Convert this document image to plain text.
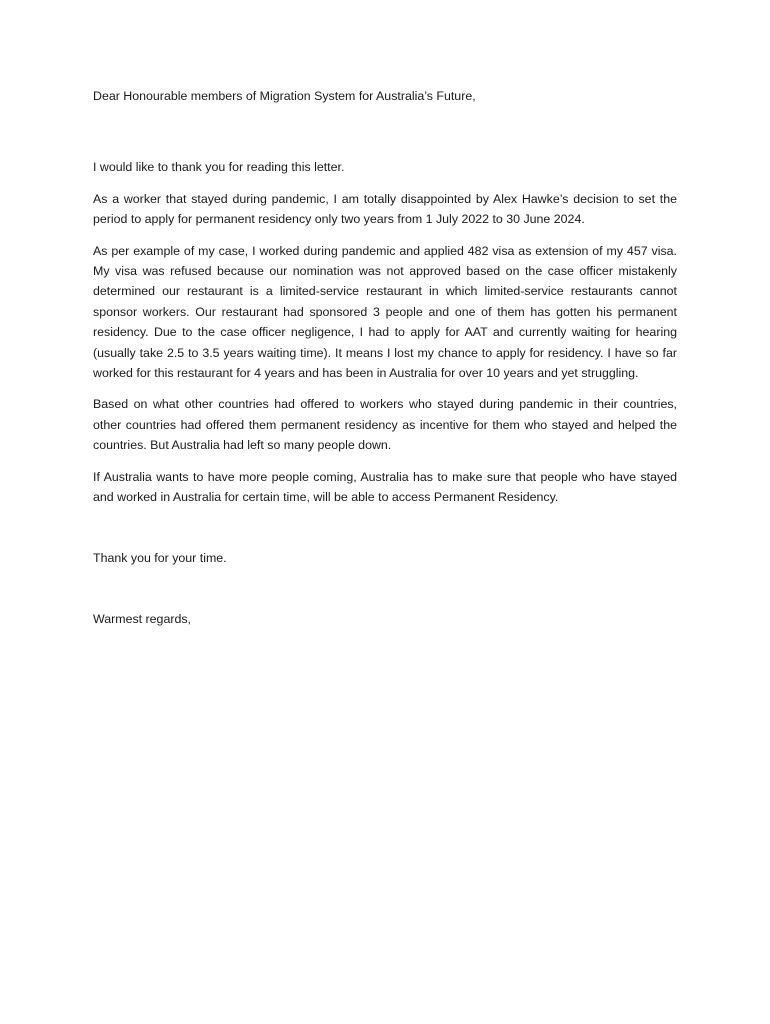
Dear Honourable members of Migration System for Australia’s Future,

I would like to thank you for reading this letter.

As a worker that stayed during pandemic, I am totally disappointed by Alex Hawke’s decision to set the period to apply for permanent residency only two years from 1 July 2022 to 30 June 2024.

As per example of my case, I worked during pandemic and applied 482 visa as extension of my 457 visa. My visa was refused because our nomination was not approved based on the case officer mistakenly determined our restaurant is a limited-service restaurant in which limited-service restaurants cannot sponsor workers. Our restaurant had sponsored 3 people and one of them has gotten his permanent residency. Due to the case officer negligence, I had to apply for AAT and currently waiting for hearing (usually take 2.5 to 3.5 years waiting time). It means I lost my chance to apply for residency. I have so far worked for this restaurant for 4 years and has been in Australia for over 10 years and yet struggling.

Based on what other countries had offered to workers who stayed during pandemic in their countries, other countries had offered them permanent residency as incentive for them who stayed and helped the countries. But Australia had left so many people down.

If Australia wants to have more people coming, Australia has to make sure that people who have stayed and worked in Australia for certain time, will be able to access Permanent Residency.

Thank you for your time.

Warmest regards,
